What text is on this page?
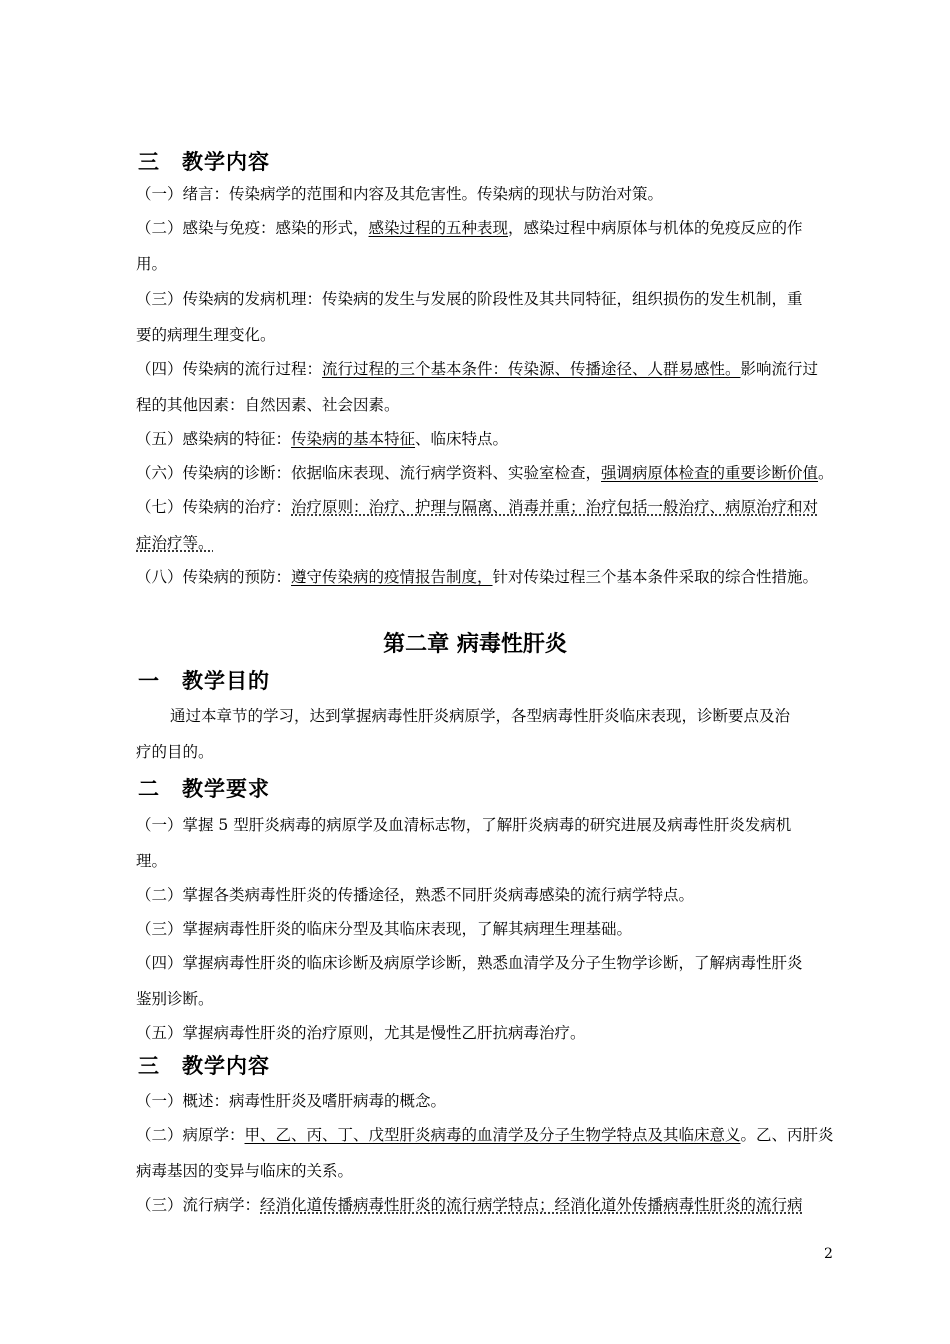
三　教学内容
（一）绪言：传染病学的范围和内容及其危害性。传染病的现状与防治对策。
（二）感染与免疫：感染的形式，感染过程的五种表现，感染过程中病原体与机体的免疫反应的作
用。
（三）传染病的发病机理：传染病的发生与发展的阶段性及其共同特征，组织损伤的发生机制，重
要的病理生理变化。
（四）传染病的流行过程：流行过程的三个基本条件：传染源、传播途径、人群易感性。影响流行过
程的其他因素：自然因素、社会因素。
（五）感染病的特征：传染病的基本特征、临床特点。
（六）传染病的诊断：依据临床表现、流行病学资料、实验室检查，强调病原体检查的重要诊断价值。
（七）传染病的治疗：治疗原则：治疗、护理与隔离、消毒并重；治疗包括一般治疗、病原治疗和对
症治疗等。
（八）传染病的预防：遵守传染病的疫情报告制度，针对传染过程三个基本条件采取的综合性措施。
第二章 病毒性肝炎
一　教学目的
通过本章节的学习，达到掌握病毒性肝炎病原学，各型病毒性肝炎临床表现，诊断要点及治
疗的目的。
二　教学要求
（一）掌握 5 型肝炎病毒的病原学及血清标志物，了解肝炎病毒的研究进展及病毒性肝炎发病机
理。
（二）掌握各类病毒性肝炎的传播途径，熟悉不同肝炎病毒感染的流行病学特点。
（三）掌握病毒性肝炎的临床分型及其临床表现，了解其病理生理基础。
（四）掌握病毒性肝炎的临床诊断及病原学诊断，熟悉血清学及分子生物学诊断，了解病毒性肝炎
鉴别诊断。
（五）掌握病毒性肝炎的治疗原则，尤其是慢性乙肝抗病毒治疗。
三　教学内容
（一）概述：病毒性肝炎及嗜肝病毒的概念。
（二）病原学：甲、乙、丙、丁、戊型肝炎病毒的血清学及分子生物学特点及其临床意义。乙、丙肝炎
病毒基因的变异与临床的关系。
（三）流行病学：经消化道传播病毒性肝炎的流行病学特点；经消化道外传播病毒性肝炎的流行病
2
